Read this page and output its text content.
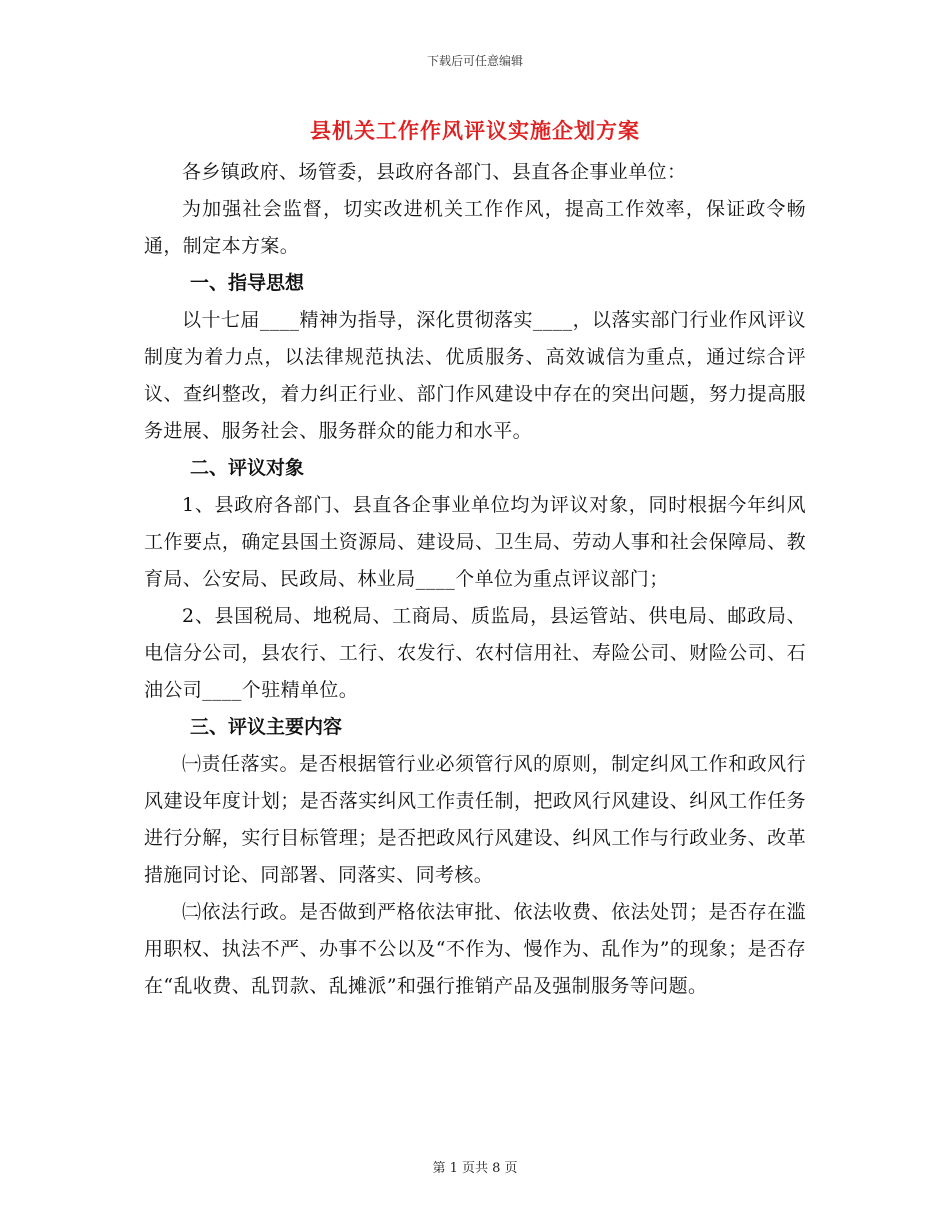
下载后可任意编辑
县机关工作作风评议实施企划方案

各乡镇政府、场管委，县政府各部门、县直各企事业单位：

为加强社会监督，切实改进机关工作作风，提高工作效率，保证政令畅通，制定本方案。

一、指导思想

以十七届____精神为指导，深化贯彻落实____，以落实部门行业作风评议制度为着力点，以法律规范执法、优质服务、高效诚信为重点，通过综合评议、查纠整改，着力纠正行业、部门作风建设中存在的突出问题，努力提高服务进展、服务社会、服务群众的能力和水平。

二、评议对象

1、县政府各部门、县直各企事业单位均为评议对象，同时根据今年纠风工作要点，确定县国土资源局、建设局、卫生局、劳动人事和社会保障局、教育局、公安局、民政局、林业局____个单位为重点评议部门；

2、县国税局、地税局、工商局、质监局，县运管站、供电局、邮政局、电信分公司，县农行、工行、农发行、农村信用社、寿险公司、财险公司、石油公司____个驻精单位。

三、评议主要内容

㈠责任落实。是否根据管行业必须管行风的原则，制定纠风工作和政风行风建设年度计划；是否落实纠风工作责任制，把政风行风建设、纠风工作任务进行分解，实行目标管理；是否把政风行风建设、纠风工作与行政业务、改革措施同讨论、同部署、同落实、同考核。

㈡依法行政。是否做到严格依法审批、依法收费、依法处罚；是否存在滥用职权、执法不严、办事不公以及“不作为、慢作为、乱作为”的现象；是否存在“乱收费、乱罚款、乱摊派”和强行推销产品及强制服务等问题。

第 1 页共 8 页
